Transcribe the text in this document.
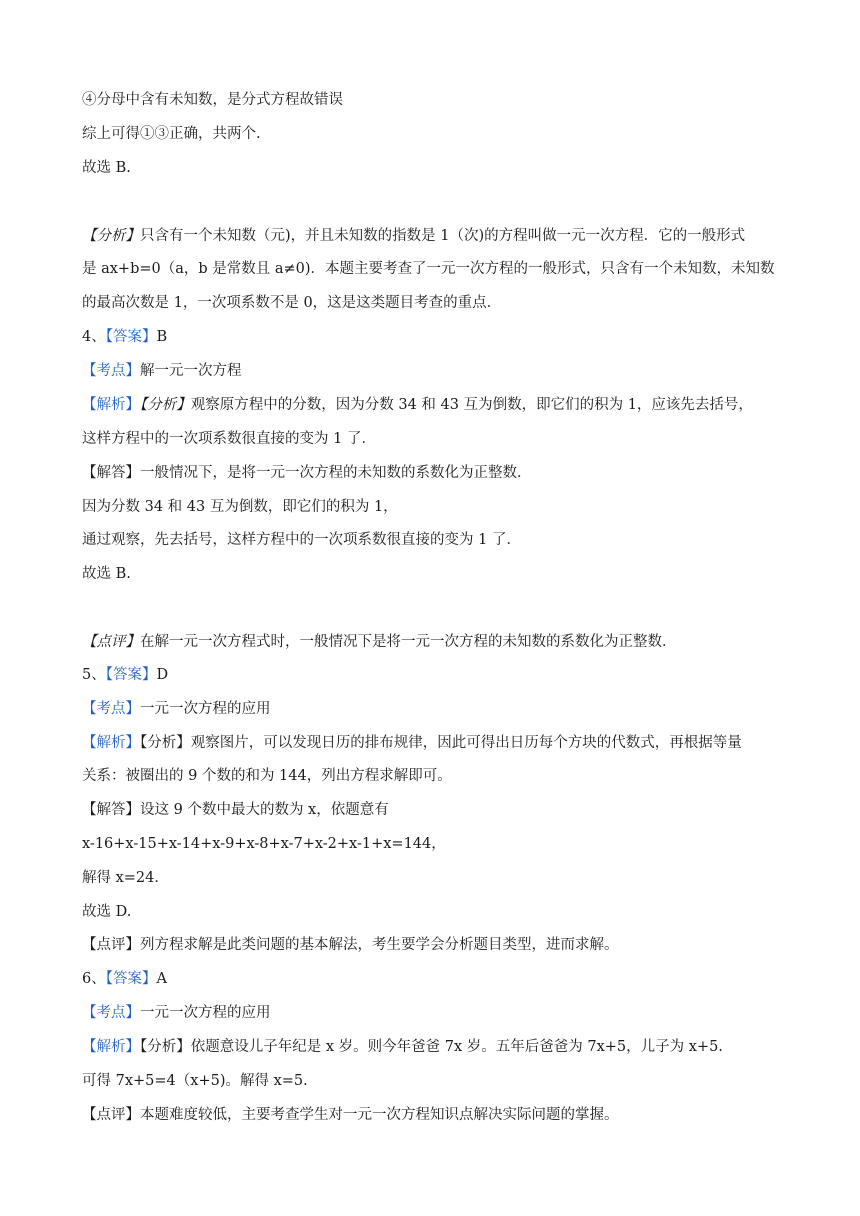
④分母中含有未知数，是分式方程故错误
综上可得①③正确，共两个.
故选 B.
【分析】只含有一个未知数（元)，并且未知数的指数是 1（次)的方程叫做一元一次方程．它的一般形式
是 ax+b=0（a，b 是常数且 a≠0)．本题主要考查了一元一次方程的一般形式，只含有一个未知数，未知数
的最高次数是 1，一次项系数不是 0，这是这类题目考查的重点．
4、【答案】B
【考点】解一元一次方程
【解析】【分析】观察原方程中的分数，因为分数 34 和 43 互为倒数，即它们的积为 1，应该先去括号，
这样方程中的一次项系数很直接的变为 1 了．
【解答】一般情况下，是将一元一次方程的未知数的系数化为正整数．
因为分数 34 和 43 互为倒数，即它们的积为 1，
通过观察，先去括号，这样方程中的一次项系数很直接的变为 1 了．
故选 B.
【点评】在解一元一次方程式时，一般情况下是将一元一次方程的未知数的系数化为正整数．
5、【答案】D
【考点】一元一次方程的应用
【解析】【分析】观察图片，可以发现日历的排布规律，因此可得出日历每个方块的代数式，再根据等量
关系：被圈出的 9 个数的和为 144，列出方程求解即可。
【解答】设这 9 个数中最大的数为 x，依题意有
x-16+x-15+x-14+x-9+x-8+x-7+x-2+x-1+x=144，
解得 x=24．
故选 D.
【点评】列方程求解是此类问题的基本解法，考生要学会分析题目类型，进而求解。
6、【答案】A
【考点】一元一次方程的应用
【解析】【分析】依题意设儿子年纪是 x 岁。则今年爸爸 7x 岁。五年后爸爸为 7x+5，儿子为 x+5.
可得 7x+5=4（x+5)。解得 x=5.
【点评】本题难度较低，主要考查学生对一元一次方程知识点解决实际问题的掌握。
